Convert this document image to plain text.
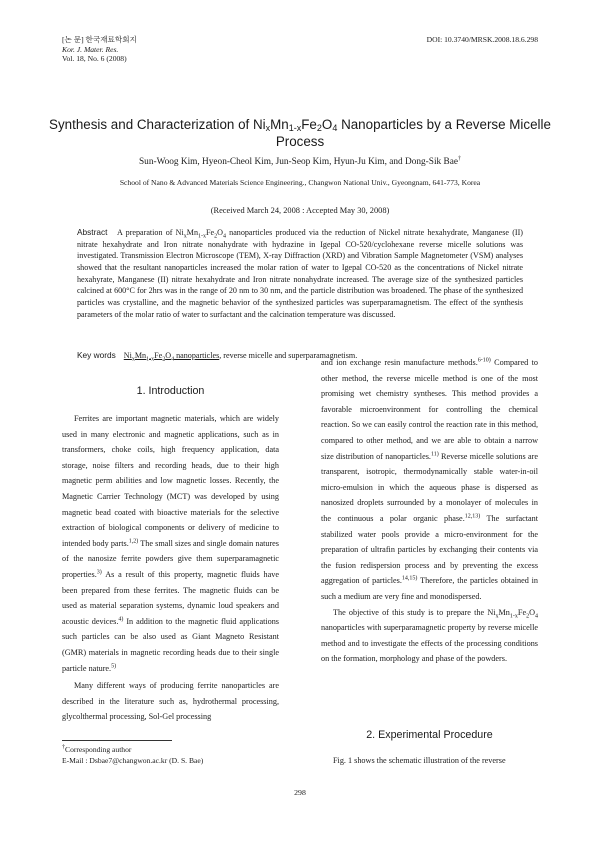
[논 문] 한국재료학회지
Kor. J. Mater. Res.
Vol. 18, No. 6 (2008)
DOI: 10.3740/MRSK.2008.18.6.298
Synthesis and Characterization of $Ni_xMn_{1-x}Fe_2O_4$ Nanoparticles by a Reverse Micelle Process
Sun-Woog Kim, Hyeon-Cheol Kim, Jun-Seop Kim, Hyun-Ju Kim, and Dong-Sik Bae†
School of Nano & Advanced Materials Science Engineering., Changwon National Univ., Gyeongnam, 641-773, Korea
(Received March 24, 2008 : Accepted May 30, 2008)
Abstract A preparation of $Ni_xMn_{1-x}Fe_2O_4$ nanoparticles produced via the reduction of Nickel nitrate hexahydrate, Manganese (II) nitrate hexahydrate and Iron nitrate nonahydrate with hydrazine in Igepal CO-520/cyclohexane reverse micelle solutions was investigated. Transmission Electron Microscope (TEM), X-ray Diffraction (XRD) and Vibration Sample Magnetometer (VSM) analyses showed that the resultant nanoparticles increased the molar ration of water to Igepal CO-520 as the concentrations of Nickel nitrate hexahyrate, Manganese (II) nitrate hexahydrate and Iron nitrate nonahydrate increased. The average size of the synthesized particles calcined at 600°C for 2hrs was in the range of 20 nm to 30 nm, and the particle distribution was broadened. The phase of the synthesized particles was crystalline, and the magnetic behavior of the synthesized particles was superparamagnetism. The effect of the synthesis parameters of the molar ratio of water to surfactant and the calcination temperature was discussed.
Key words $Ni_xMn_{1-x}Fe_2O_4$ nanoparticles, reverse micelle and superparamagnetism.
1. Introduction

Ferrites are important magnetic materials, which are widely used in many electronic and magnetic applications, such as in transformers, choke coils, high frequency application, data storage, noise filters and recording heads, due to their high magnetic perm abilities and low magnetic losses. Recently, the Magnetic Carrier Technology (MCT) was developed by using magnetic bead coated with bioactive materials for the selective extraction of biological components or delivery of medicine to intended body parts.$^{1,2)}$ The small sizes and single domain natures of the nanosize ferrite powders give them superparamagnetic properties.$^{3)}$ As a result of this property, magnetic fluids have been prepared from these ferrites. The magnetic fluids can be used as material separation systems, dynamic loud speakers and acoustic devices.$^{4)}$ In addition to the magnetic fluid applications such particles can be also used as Giant Magneto Resistant (GMR) materials in magnetic recording heads due to their single particle nature.$^{5)}$

Many different ways of producing ferrite nanoparticles are described in the literature such as, hydrothermal processing, glycolthermal processing, Sol-Gel processing

and ion exchange resin manufacture methods.$^{6-10)}$ Compared to other method, the reverse micelle method is one of the most promising wet chemistry syntheses. This method provides a favorable microenvironment for controlling the chemical reaction. So we can easily control the reaction rate in this method, compared to other method, and we are able to obtain a narrow size distribution of nanoparticles.$^{11)}$ Reverse micelle solutions are transparent, isotropic, thermodynamically stable water-in-oil micro-emulsion in which the aqueous phase is dispersed as nanosized droplets surrounded by a monolayer of molecules in the continuous a polar organic phase.$^{12,13)}$ The surfactant stabilized water pools provide a micro-environment for the preparation of ultrafin particles by exchanging their contents via the fusion redispersion process and by preventing the excess aggregation of particles.$^{14,15)}$ Therefore, the particles obtained in such a medium are very fine and monodispersed.

The objective of this study is to prepare the $Ni_xMn_{1-x}Fe_2O_4$ nanoparticles with superparamagnetic property by reverse micelle method and to investigate the effects of the processing conditions on the formation, morphology and phase of the powders.

2. Experimental Procedure

Fig. 1 shows the schematic illustration of the reverse

†Corresponding author
E-Mail : Dsbae7@changwon.ac.kr (D. S. Bae)
298
